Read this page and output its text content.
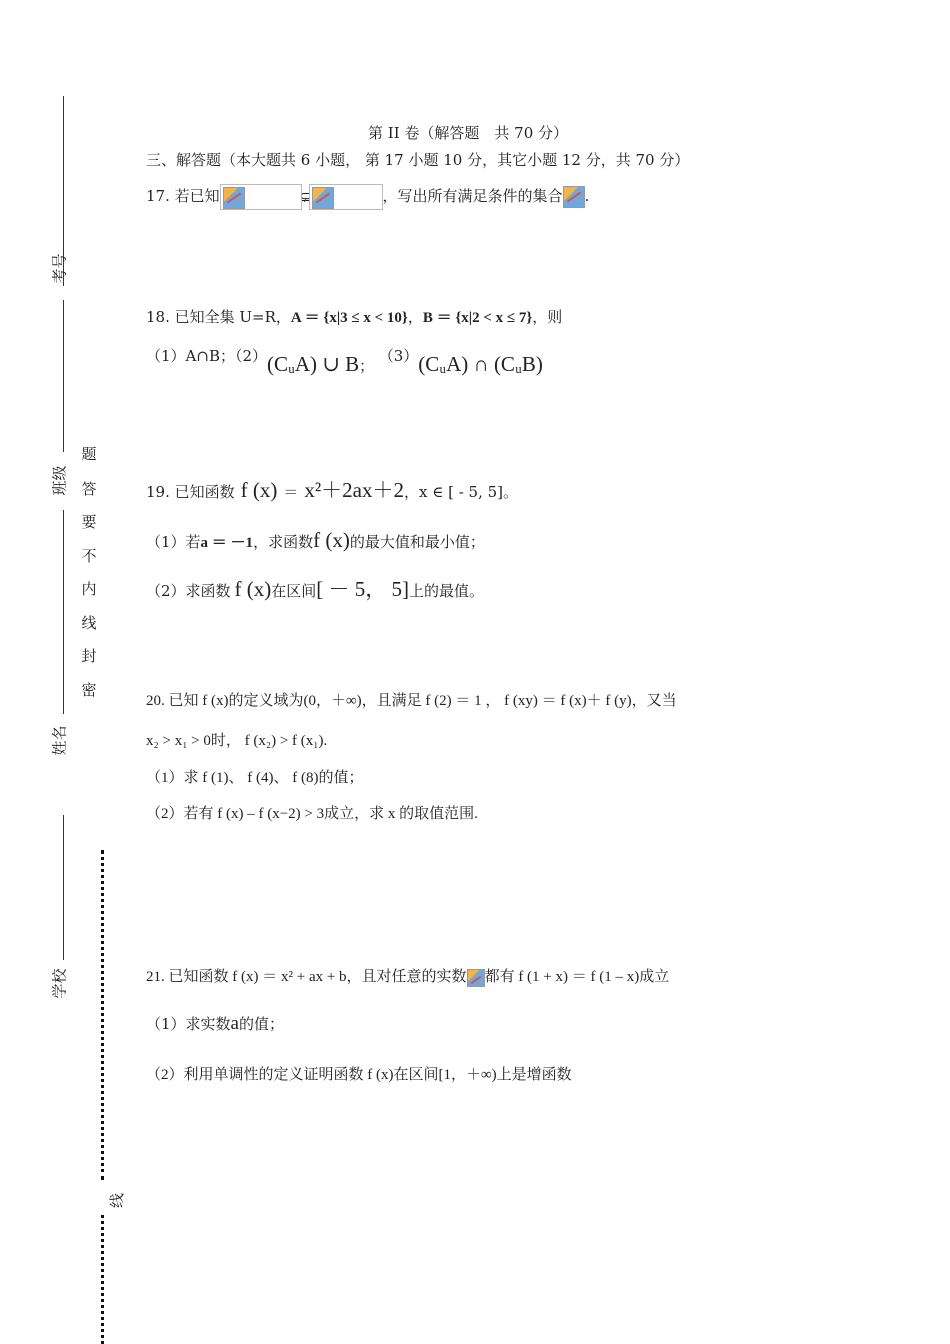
考号
班级
姓名
学校
题
答
要
不
内
线
封
密
线
第 II 卷（解答题　共 70 分）
三、解答题（本大题共 6 小题， 第 17 小题 10 分，其它小题 12 分，共 70 分）
17. 若已知	⊊	，写出所有满足条件的集合 .
18. 已知全集 U=R，A ＝ {x|3 ≤ x < 10}，B ＝ {x|2 < x ≤ 7}，则
（1）A∩B；（2）(CᵤA) ∪ B；（3）(CᵤA) ∩ (CᵤB)
19. 已知函数 f (x) ＝ x²＋2ax＋2，x ∈ [ - 5, 5]。
（1）若a ＝ －1，求函数f (x)的最大值和最小值；
（2）求函数 f (x)在区间[ － 5， 5]上的最值。
20. 已知 f (x)的定义域为(0，＋∞)，且满足 f (2) ＝ 1 ， f (xy) ＝ f (x)＋ f (y)，又当
x₂ > x₁ > 0时， f (x₂) > f (x₁).
（1）求 f (1)、 f (4)、 f (8)的值；
（2）若有 f (x) – f (x−2) > 3成立，求 x 的取值范围.
21. 已知函数 f (x) ＝ x² + ax + b，且对任意的实数 都有 f (1 + x) ＝ f (1 – x)成立
（1）求实数a的值；
（2）利用单调性的定义证明函数 f (x)在区间[1，＋∞)上是增函数
